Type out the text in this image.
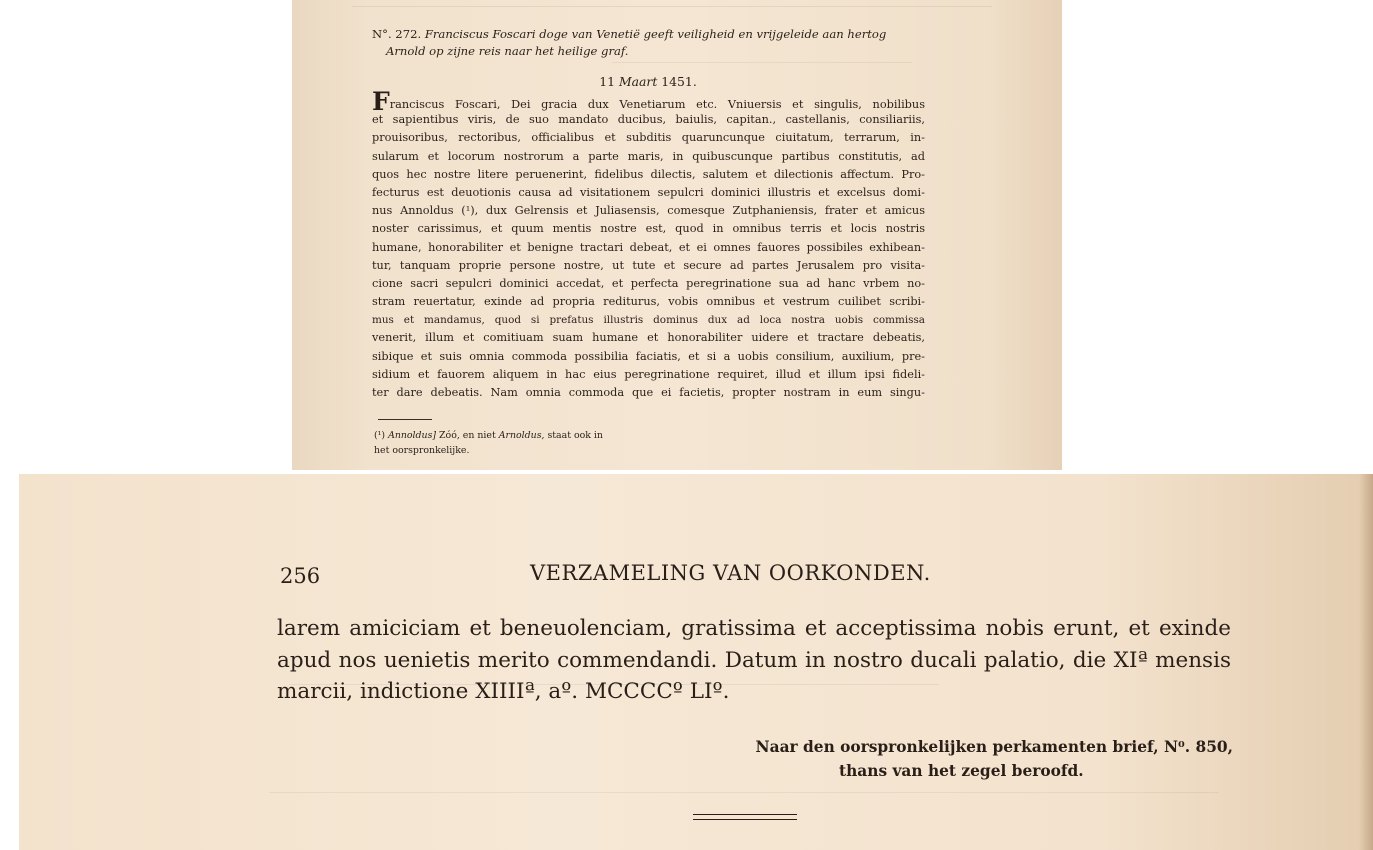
N°. 272. Franciscus Foscari doge van Venetië geeft veiligheid en vrijgeleide aan hertog
Arnold op zijne reis naar het heilige graf.

11 Maart 1451.

Franciscus Foscari, Dei gracia dux Venetiarum etc. Vniuersis et singulis, nobilibus
et sapientibus viris, de suo mandato ducibus, baiulis, capitan., castellanis, consiliariis,
prouisoribus, rectoribus, officialibus et subditis quaruncunque ciuitatum, terrarum, in-
sularum et locorum nostrorum a parte maris, in quibuscunque partibus constitutis, ad
quos hec nostre litere peruenerint, fidelibus dilectis, salutem et dilectionis affectum. Pro-
fecturus est deuotionis causa ad visitationem sepulcri dominici illustris et excelsus domi-
nus Annoldus (¹), dux Gelrensis et Juliasensis, comesque Zutphaniensis, frater et amicus
noster carissimus, et quum mentis nostre est, quod in omnibus terris et locis nostris
humane, honorabiliter et benigne tractari debeat, et ei omnes fauores possibiles exhibean-
tur, tanquam proprie persone nostre, ut tute et secure ad partes Jerusalem pro visita-
cione sacri sepulcri dominici accedat, et perfecta peregrinatione sua ad hanc vrbem no-
stram reuertatur, exinde ad propria rediturus, vobis omnibus et vestrum cuilibet scribi-
mus et mandamus, quod si prefatus illustris dominus dux ad loca nostra uobis commissa
venerit, illum et comitiuam suam humane et honorabiliter uidere et tractare debeatis,
sibique et suis omnia commoda possibilia faciatis, et si a uobis consilium, auxilium, pre-
sidium et fauorem aliquem in hac eius peregrinatione requiret, illud et illum ipsi fideli-
ter dare debeatis. Nam omnia commoda que ei facietis, propter nostram in eum singu-

(¹) Annoldus] Zóó, en niet Arnoldus, staat ook in
het oorspronkelijke.

256	VERZAMELING VAN OORKONDEN.

larem amiciciam et beneuolenciam, gratissima et acceptissima nobis erunt, et exinde
apud nos uenietis merito commendandi. Datum in nostro ducali palatio, die XIª mensis
marcii, indictione XIIIIª, aº. MCCCCº LIº.

Naar den oorspronkelijken perkamenten brief, N⁰. 850,
thans van het zegel beroofd.
